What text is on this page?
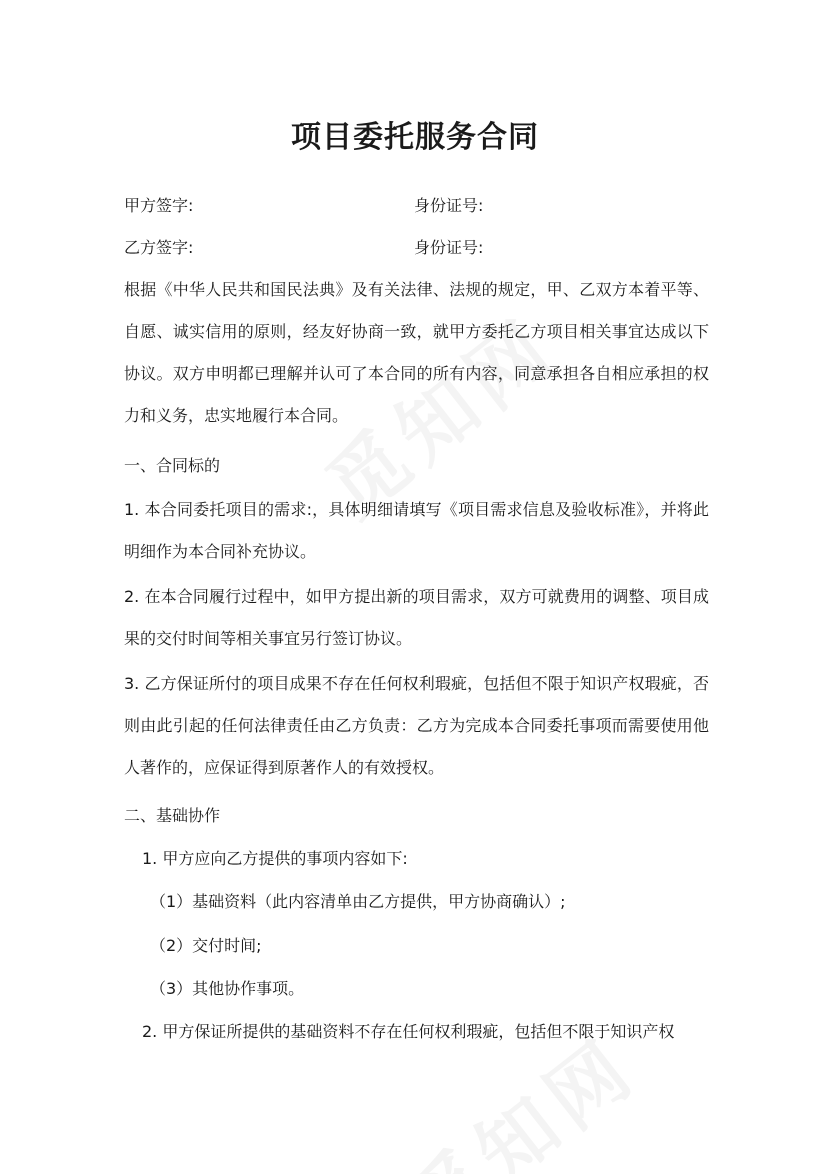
项目委托服务合同
甲方签字:	身份证号:
乙方签字:	身份证号:
根据《中华人民共和国民法典》及有关法律、法规的规定，甲、乙双方本着平等、自愿、诚实信用的原则，经友好协商一致，就甲方委托乙方项目相关事宜达成以下协议。双方申明都已理解并认可了本合同的所有内容，同意承担各自相应承担的权力和义务，忠实地履行本合同。
一、合同标的
1. 本合同委托项目的需求:，具体明细请填写《项目需求信息及验收标准》，并将此明细作为本合同补充协议。
2. 在本合同履行过程中，如甲方提出新的项目需求，双方可就费用的调整、项目成果的交付时间等相关事宜另行签订协议。
3. 乙方保证所付的项目成果不存在任何权利瑕疵，包括但不限于知识产权瑕疵，否则由此引起的任何法律责任由乙方负责：乙方为完成本合同委托事项而需要使用他人著作的，应保证得到原著作人的有效授权。
二、基础协作
1. 甲方应向乙方提供的事项内容如下:
（1）基础资料（此内容清单由乙方提供，甲方协商确认）;
（2）交付时间;
（3）其他协作事项。
2. 甲方保证所提供的基础资料不存在任何权利瑕疵，包括但不限于知识产权
